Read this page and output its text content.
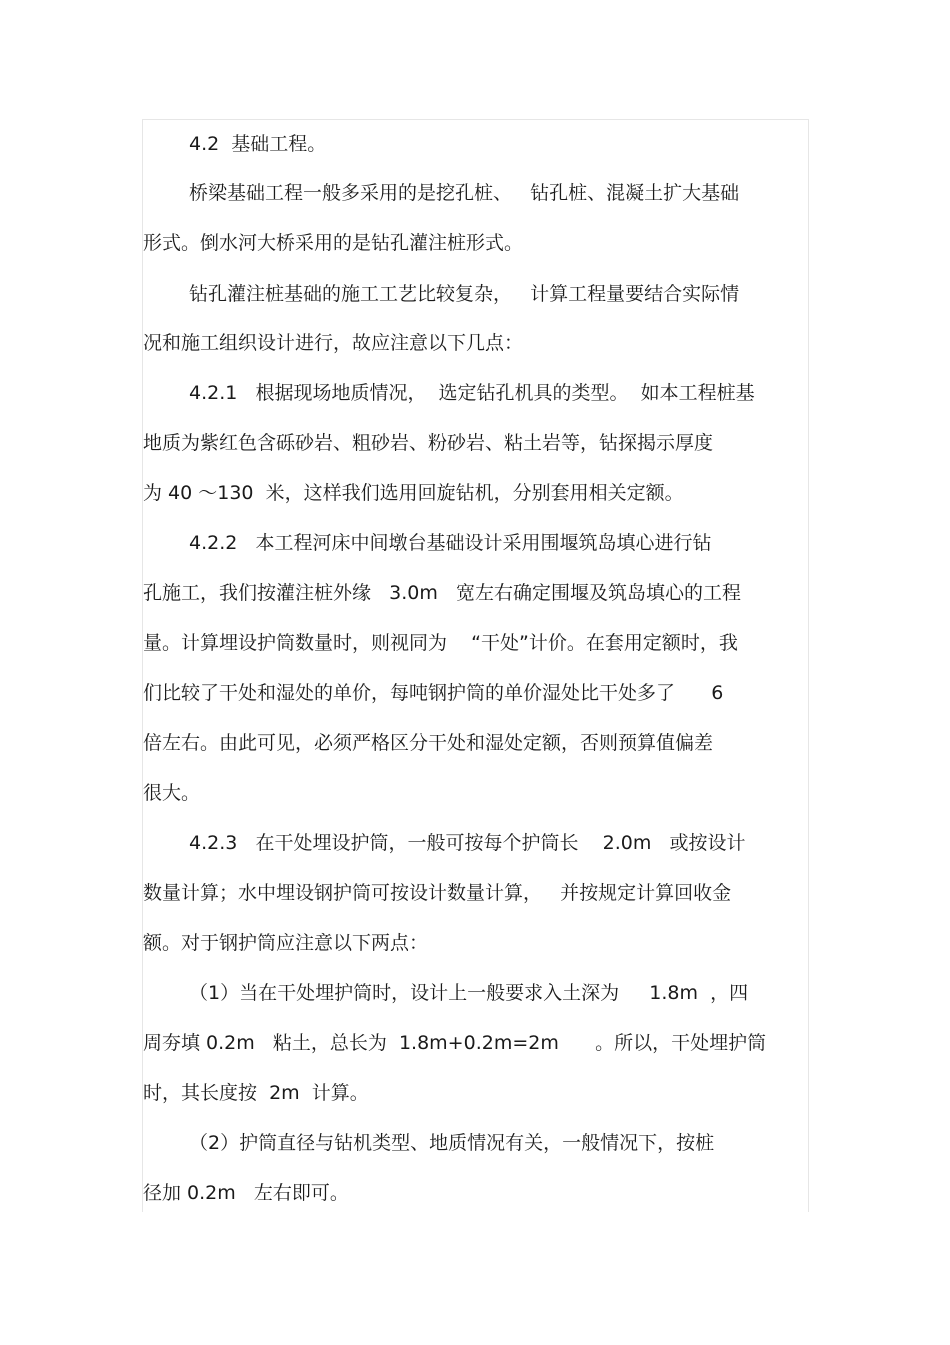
4.2  基础工程。
桥梁基础工程一般多采用的是挖孔桩、   钻孔桩、混凝土扩大基础
形式。倒水河大桥采用的是钻孔灌注桩形式。
钻孔灌注桩基础的施工工艺比较复杂，   计算工程量要结合实际情
况和施工组织设计进行，故应注意以下几点：
4.2.1   根据现场地质情况，  选定钻孔机具的类型。  如本工程桩基
地质为紫红色含砾砂岩、粗砂岩、粉砂岩、粘土岩等，钻探揭示厚度
为 40 ～130  米，这样我们选用回旋钻机，分别套用相关定额。
4.2.2   本工程河床中间墩台基础设计采用围堰筑岛填心进行钻
孔施工，我们按灌注桩外缘   3.0m   宽左右确定围堰及筑岛填心的工程
量。计算埋设护筒数量时，则视同为    “干处”计价。在套用定额时，我
们比较了干处和湿处的单价，每吨钢护筒的单价湿处比干处多了      6
倍左右。由此可见，必须严格区分干处和湿处定额，否则预算值偏差
很大。
4.2.3   在干处埋设护筒，一般可按每个护筒长    2.0m   或按设计
数量计算；水中埋设钢护筒可按设计数量计算，   并按规定计算回收金
额。对于钢护筒应注意以下两点：
（1）当在干处埋护筒时，设计上一般要求入土深为     1.8m  ，四
周夯填 0.2m   粘土，总长为  1.8m+0.2m=2m      。所以，干处埋护筒
时，其长度按  2m  计算。
（2）护筒直径与钻机类型、地质情况有关，一般情况下，按桩
径加 0.2m   左右即可。
